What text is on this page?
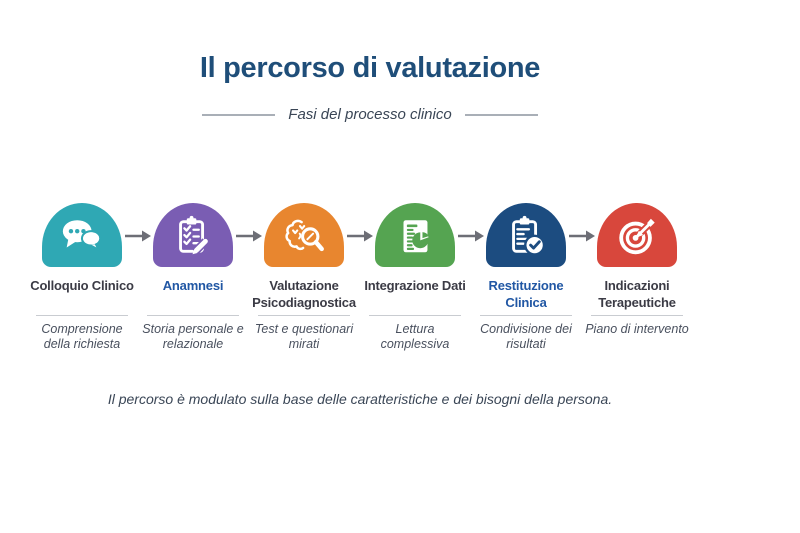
Il percorso di valutazione
Fasi del processo clinico
Colloquio Clinico
Comprensione della richiesta
Anamnesi
Storia personale e relazionale
Valutazione Psicodiagnostica
Test e questionari mirati
Integrazione Dati
Lettura complessiva
Restituzione Clinica
Condivisione dei risultati
Indicazioni Terapeutiche
Piano di intervento
Il percorso è modulato sulla base delle caratteristiche e dei bisogni della persona.
